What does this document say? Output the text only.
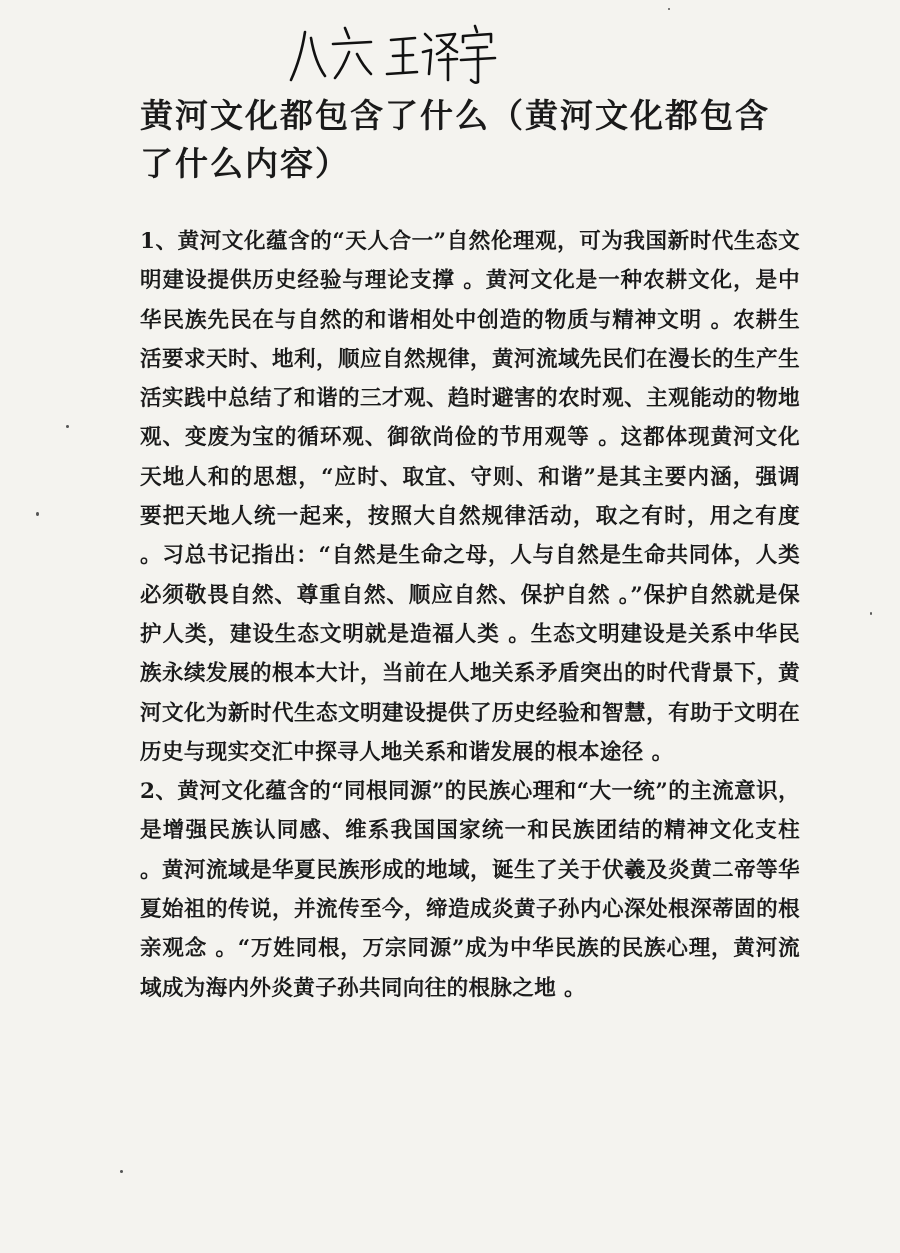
黄河文化都包含了什么（黄河文化都包含了什么内容）

1、黄河文化蕴含的“天人合一”自然伦理观，可为我国新时代生态文明建设提供历史经验与理论支撑 。黄河文化是一种农耕文化，是中华民族先民在与自然的和谐相处中创造的物质与精神文明 。农耕生活要求天时、地利，顺应自然规律，黄河流域先民们在漫长的生产生活实践中总结了和谐的三才观、趋时避害的农时观、主观能动的物地观、变废为宝的循环观、御欲尚俭的节用观等 。这都体现黄河文化天地人和的思想，“应时、取宜、守则、和谐”是其主要内涵，强调要把天地人统一起来，按照大自然规律活动，取之有时，用之有度 。习总书记指出：“自然是生命之母，人与自然是生命共同体，人类必须敬畏自然、尊重自然、顺应自然、保护自然 。”保护自然就是保护人类，建设生态文明就是造福人类 。生态文明建设是关系中华民族永续发展的根本大计，当前在人地关系矛盾突出的时代背景下，黄河文化为新时代生态文明建设提供了历史经验和智慧，有助于文明在历史与现实交汇中探寻人地关系和谐发展的根本途径 。

2、黄河文化蕴含的“同根同源”的民族心理和“大一统”的主流意识，是增强民族认同感、维系我国国家统一和民族团结的精神文化支柱 。黄河流域是华夏民族形成的地域，诞生了关于伏羲及炎黄二帝等华夏始祖的传说，并流传至今，缔造成炎黄子孙内心深处根深蒂固的根亲观念 。“万姓同根，万宗同源”成为中华民族的民族心理，黄河流域成为海内外炎黄子孙共同向往的根脉之地 。
